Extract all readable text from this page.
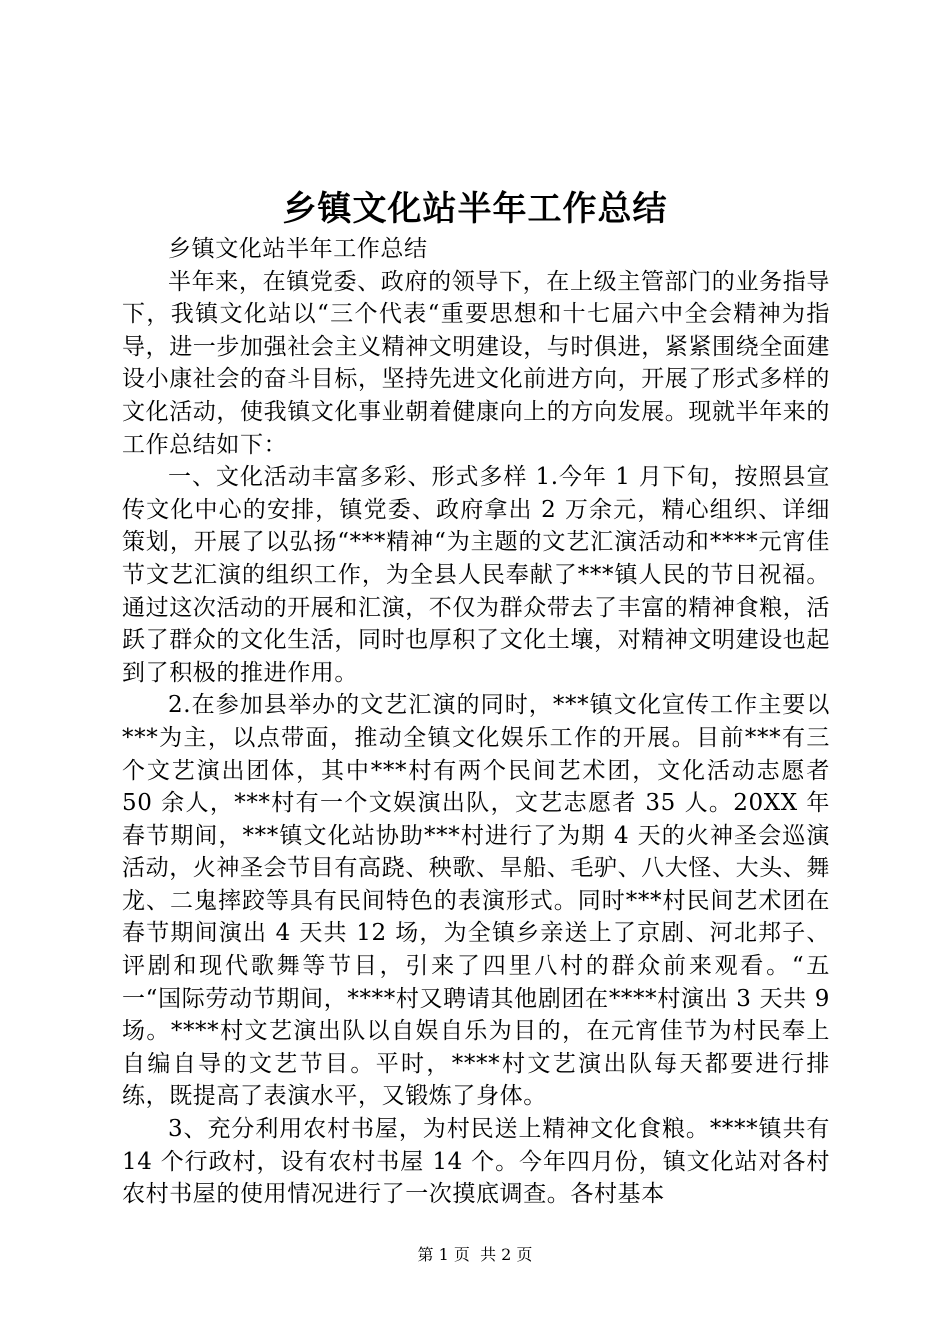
乡镇文化站半年工作总结

乡镇文化站半年工作总结

半年来，在镇党委、政府的领导下，在上级主管部门的业务指导下，我镇文化站以“三个代表“重要思想和十七届六中全会精神为指导，进一步加强社会主义精神文明建设，与时俱进，紧紧围绕全面建设小康社会的奋斗目标，坚持先进文化前进方向，开展了形式多样的文化活动，使我镇文化事业朝着健康向上的方向发展。现就半年来的工作总结如下：

一、文化活动丰富多彩、形式多样 1.今年 1 月下旬，按照县宣传文化中心的安排，镇党委、政府拿出 2 万余元，精心组织、详细策划，开展了以弘扬“***精神“为主题的文艺汇演活动和****元宵佳节文艺汇演的组织工作，为全县人民奉献了***镇人民的节日祝福。通过这次活动的开展和汇演，不仅为群众带去了丰富的精神食粮，活跃了群众的文化生活，同时也厚积了文化土壤，对精神文明建设也起到了积极的推进作用。

2.在参加县举办的文艺汇演的同时，***镇文化宣传工作主要以***为主，以点带面，推动全镇文化娱乐工作的开展。目前***有三个文艺演出团体，其中***村有两个民间艺术团，文化活动志愿者 50 余人，***村有一个文娱演出队，文艺志愿者 35 人。20XX 年春节期间，***镇文化站协助***村进行了为期 4 天的火神圣会巡演活动，火神圣会节目有高跷、秧歌、旱船、毛驴、八大怪、大头、舞龙、二鬼摔跤等具有民间特色的表演形式。同时***村民间艺术团在春节期间演出 4 天共 12 场，为全镇乡亲送上了京剧、河北邦子、评剧和现代歌舞等节目，引来了四里八村的群众前来观看。“五一“国际劳动节期间，****村又聘请其他剧团在****村演出 3 天共 9 场。****村文艺演出队以自娱自乐为目的，在元宵佳节为村民奉上自编自导的文艺节目。平时，****村文艺演出队每天都要进行排练，既提高了表演水平，又锻炼了身体。

3、充分利用农村书屋，为村民送上精神文化食粮。****镇共有 14 个行政村，设有农村书屋 14 个。今年四月份，镇文化站对各村农村书屋的使用情况进行了一次摸底调查。各村基本

第 1 页 共 2 页
